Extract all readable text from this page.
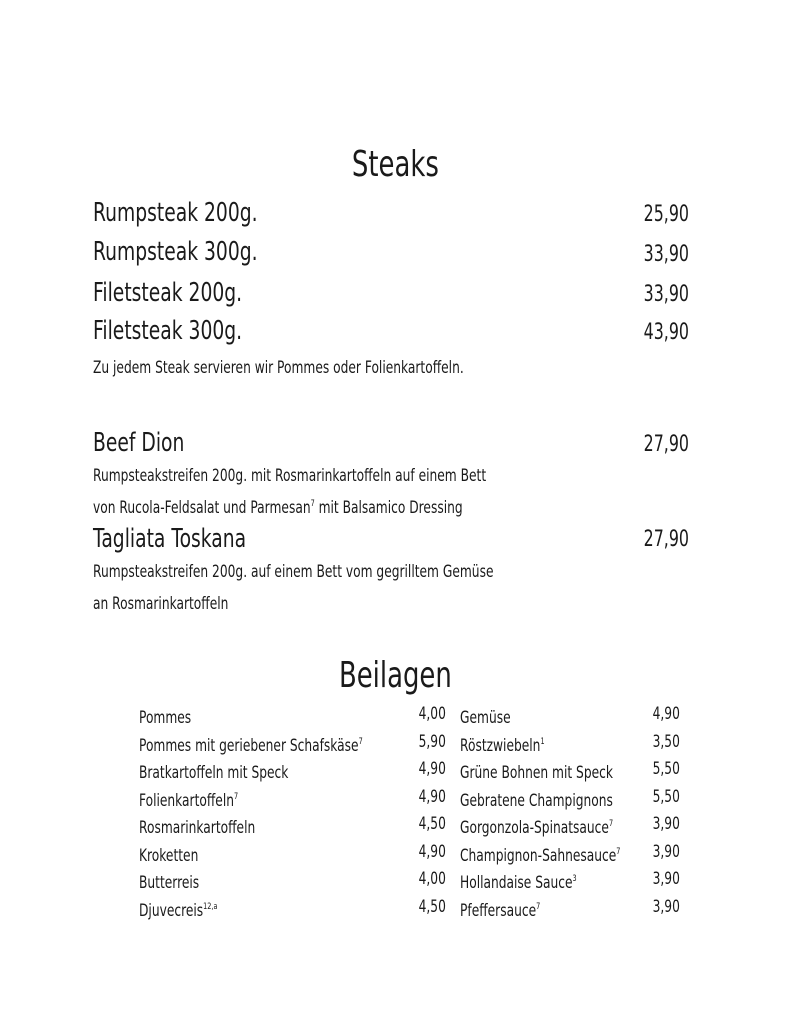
Steaks
Rumpsteak 200g.	25,90
Rumpsteak 300g.	33,90
Filetsteak 200g.	33,90
Filetsteak 300g.	43,90
Zu jedem Steak servieren wir Pommes oder Folienkartoffeln.
Beef Dion	27,90
Rumpsteakstreifen 200g. mit Rosmarinkartoffeln auf einem Bett
von Rucola-Feldsalat und Parmesan$^7$ mit Balsamico Dressing
Tagliata Toskana	27,90
Rumpsteakstreifen 200g. auf einem Bett vom gegrilltem Gemüse
an Rosmarinkartoffeln
Beilagen
Pommes	4,00
Pommes mit geriebener Schafskäse$^7$	5,90
Bratkartoffeln mit Speck	4,90
Folienkartoffeln$^7$	4,90
Rosmarinkartoffeln	4,50
Kroketten	4,90
Butterreis	4,00
Djuvecreis$^{12,a}$	4,50
Gemüse	4,90
Röstzwiebeln$^1$	3,50
Grüne Bohnen mit Speck	5,50
Gebratene Champignons	5,50
Gorgonzola-Spinatsauce$^7$	3,90
Champignon-Sahnesauce$^7$	3,90
Hollandaise Sauce$^3$	3,90
Pfeffersauce$^7$	3,90
